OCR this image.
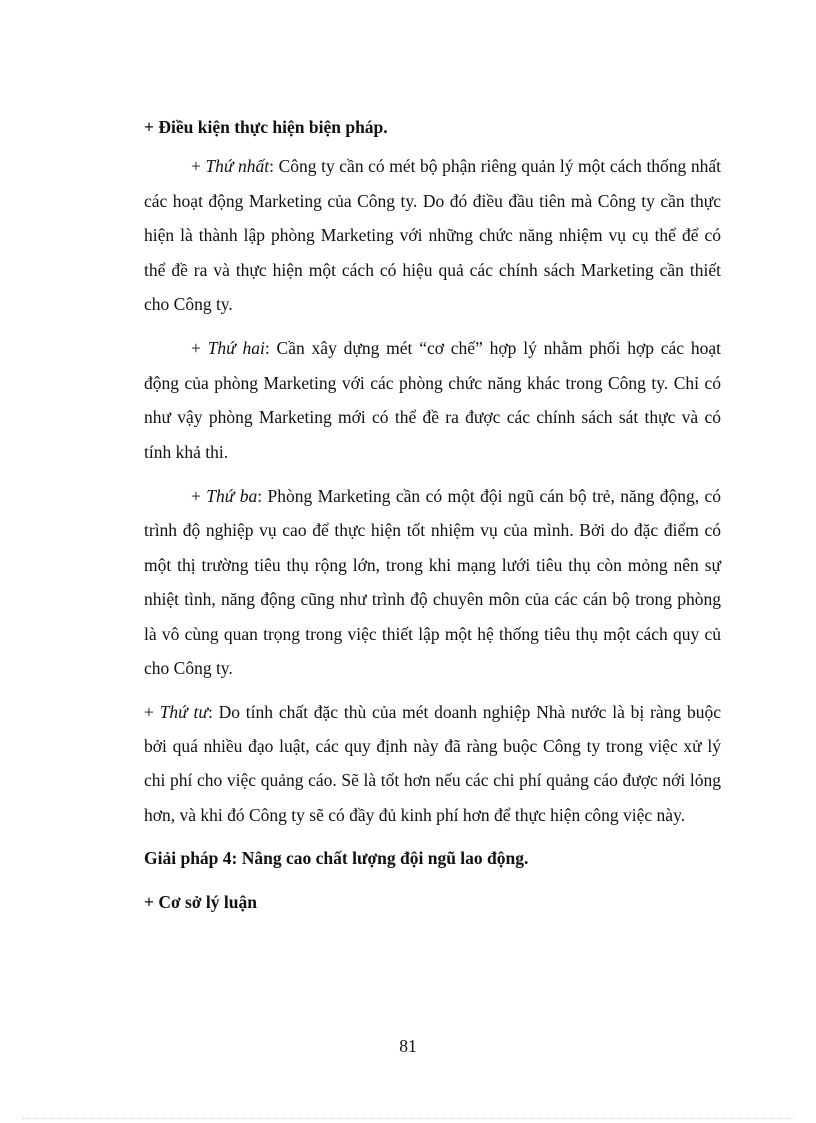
+ Điều kiện thực hiện biện pháp.

+ Thứ nhất: Công ty cần có mét bộ phận riêng quản lý một cách thống nhất các hoạt động Marketing của Công ty. Do đó điều đầu tiên mà Công ty cần thực hiện là thành lập phòng Marketing với những chức năng nhiệm vụ cụ thể để có thể đề ra và thực hiện một cách có hiệu quả các chính sách Marketing cần thiết cho Công ty.

+ Thứ hai: Cần xây dựng mét “cơ chế” hợp lý nhằm phối hợp các hoạt động của phòng Marketing với các phòng chức năng khác trong Công ty. Chỉ có như vậy phòng Marketing mới có thể đề ra được các chính sách sát thực và có tính khả thi.

+ Thứ ba: Phòng Marketing cần có một đội ngũ cán bộ trẻ, năng động, có trình độ nghiệp vụ cao để thực hiện tốt nhiệm vụ của mình. Bởi do đặc điểm có một thị trường tiêu thụ rộng lớn, trong khi mạng lưới tiêu thụ còn mỏng nên sự nhiệt tình, năng động cũng như trình độ chuyên môn của các cán bộ trong phòng là vô cùng quan trọng trong việc thiết lập một hệ thống tiêu thụ một cách quy củ cho Công ty.

+ Thứ tư: Do tính chất đặc thù của mét doanh nghiệp Nhà nước là bị ràng buộc bởi quá nhiều đạo luật, các quy định này đã ràng buộc Công ty trong việc xử lý chi phí cho việc quảng cáo. Sẽ là tốt hơn nếu các chi phí quảng cáo được nới lỏng hơn, và khi đó Công ty sẽ có đầy đủ kinh phí hơn để thực hiện công việc này.

Giải pháp 4: Nâng cao chất lượng đội ngũ lao động.

+ Cơ sở lý luận

81
